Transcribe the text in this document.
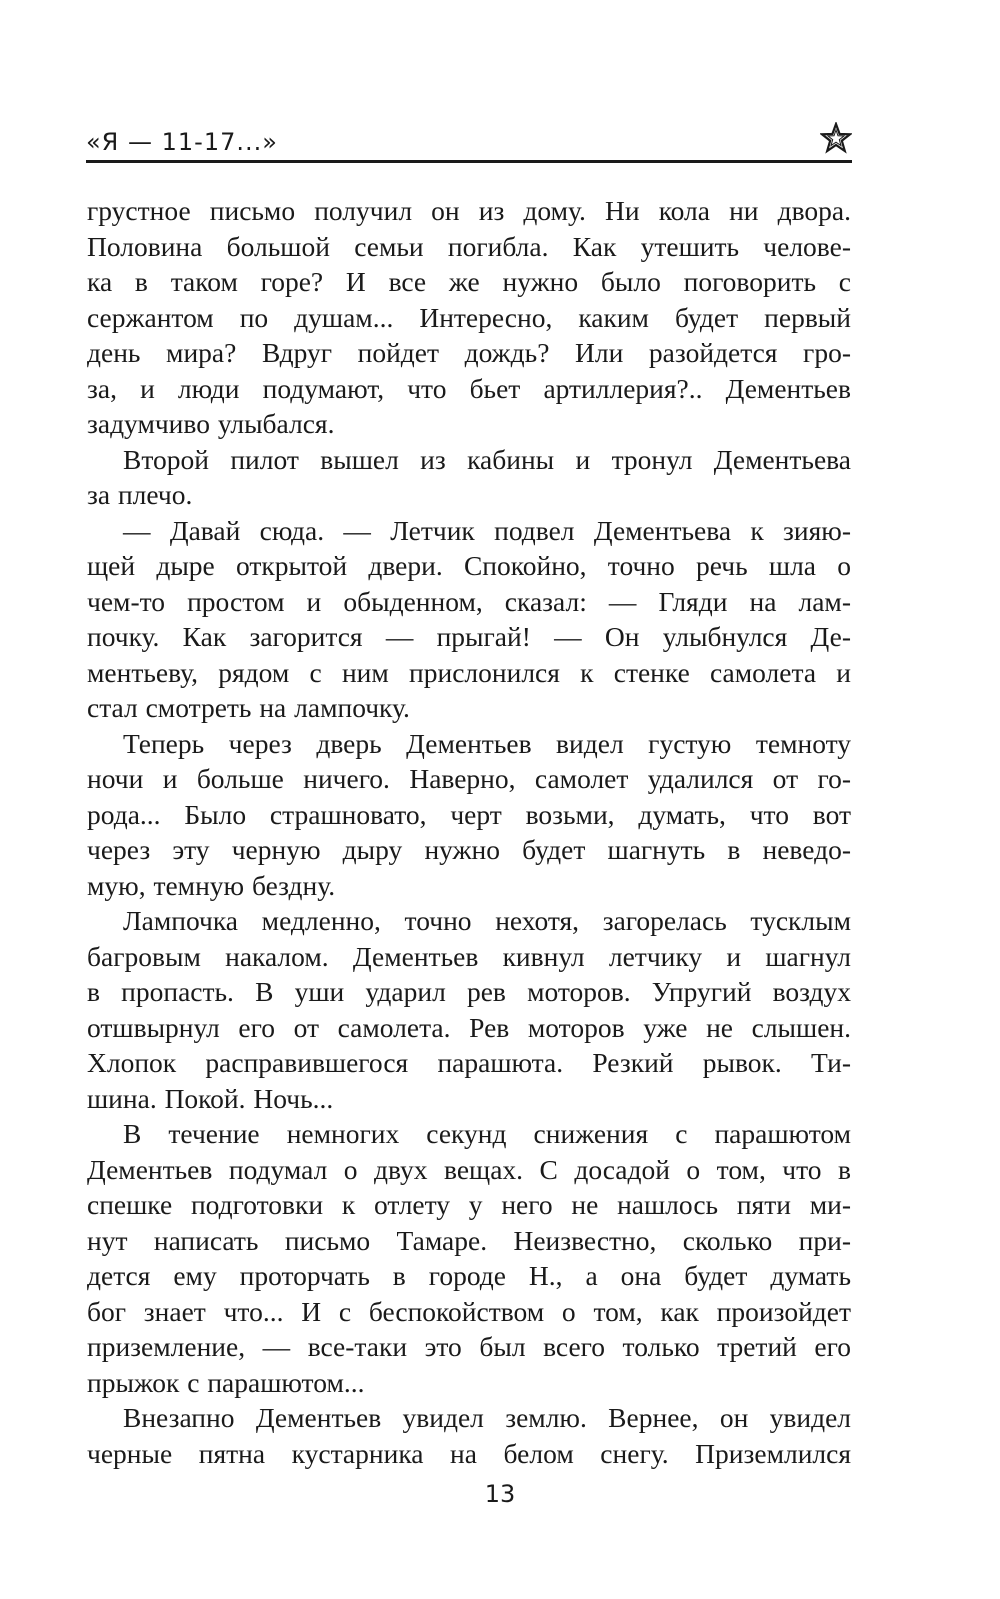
«Я — 11-17...»
грустное письмо получил он из дому. Ни кола ни двора.
Половина большой семьи погибла. Как утешить челове-
ка в таком горе? И все же нужно было поговорить с
сержантом по душам... Интересно, каким будет первый
день мира? Вдруг пойдет дождь? Или разойдется гро-
за, и люди подумают, что бьет артиллерия?.. Дементьев
задумчиво улыбался.
Второй пилот вышел из кабины и тронул Дементьева
за плечо.
— Давай сюда. — Летчик подвел Дементьева к зияю-
щей дыре открытой двери. Спокойно, точно речь шла о
чем-то простом и обыденном, сказал: — Гляди на лам-
почку. Как загорится — прыгай! — Он улыбнулся Де-
ментьеву, рядом с ним прислонился к стенке самолета и
стал смотреть на лампочку.
Теперь через дверь Дементьев видел густую темноту
ночи и больше ничего. Наверно, самолет удалился от го-
рода... Было страшновато, черт возьми, думать, что вот
через эту черную дыру нужно будет шагнуть в неведо-
мую, темную бездну.
Лампочка медленно, точно нехотя, загорелась тусклым
багровым накалом. Дементьев кивнул летчику и шагнул
в пропасть. В уши ударил рев моторов. Упругий воздух
отшвырнул его от самолета. Рев моторов уже не слышен.
Хлопок расправившегося парашюта. Резкий рывок. Ти-
шина. Покой. Ночь...
В течение немногих секунд снижения с парашютом
Дементьев подумал о двух вещах. С досадой о том, что в
спешке подготовки к отлету у него не нашлось пяти ми-
нут написать письмо Тамаре. Неизвестно, сколько при-
дется ему проторчать в городе Н., а она будет думать
бог знает что... И с беспокойством о том, как произойдет
приземление, — все-таки это был всего только третий его
прыжок с парашютом...
Внезапно Дементьев увидел землю. Вернее, он увидел
черные пятна кустарника на белом снегу. Приземлился
13
